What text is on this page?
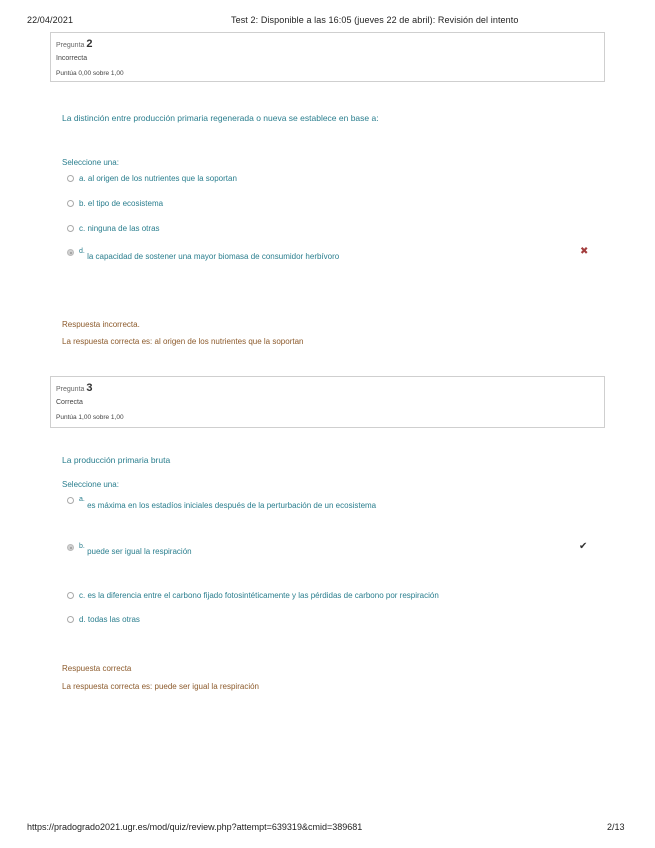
22/04/2021	Test 2: Disponible a las 16:05 (jueves 22 de abril): Revisión del intento
Pregunta 2
Incorrecta
Puntúa 0,00 sobre 1,00
La distinción entre producción primaria regenerada o nueva se establece en base a:
Seleccione una:
a.
al origen de los nutrientes que la soportan
b.
el tipo de ecosistema
c.
ninguna de las otras
d.

la capacidad de sostener una mayor biomasa de consumidor herbívoro	✖
Respuesta incorrecta.
La respuesta correcta es: al origen de los nutrientes que la soportan
Pregunta 3
Correcta
Puntúa 1,00 sobre 1,00
La producción primaria bruta
Seleccione una:
a.

es máxima en los estadíos iniciales después de la perturbación de un ecosistema
b.

puede ser igual la respiración	✔
c.
es la diferencia entre el carbono fijado fotosintéticamente y las pérdidas de carbono por respiración
d.
todas las otras
Respuesta correcta
La respuesta correcta es: puede ser igual la respiración
https://pradogrado2021.ugr.es/mod/quiz/review.php?attempt=639319&cmid=389681	2/13
